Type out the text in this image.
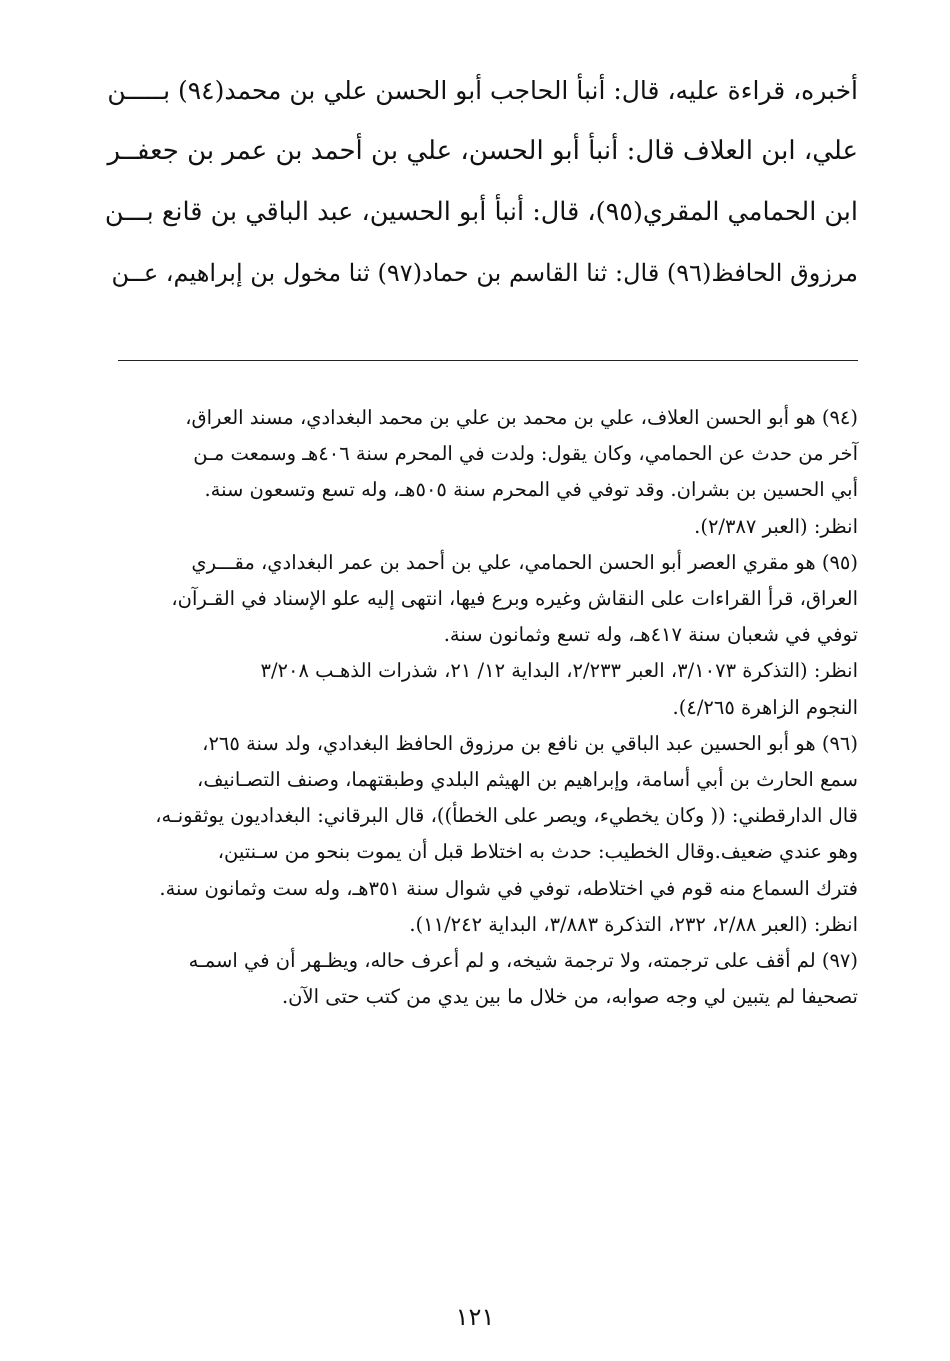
أخبره، قراءة عليه، قال: أنبأ الحاجب أبو الحسن علي بن محمد(٩٤) بـــــن
علي، ابن العلاف قال: أنبأ أبو الحسن، علي بن أحمد بن عمر بن جعفــر
ابن الحمامي المقري(٩٥)، قال: أنبأ أبو الحسين، عبد الباقي بن قانع بـــن
مرزوق الحافظ(٩٦) قال: ثنا القاسم بن حماد(٩٧) ثنا مخول بن إبراهيم، عــن
(٩٤) هو أبو الحسن العلاف، علي بن محمد بن علي بن محمد البغدادي، مسند العراق،
آخر من حدث عن الحمامي، وكان يقول: ولدت في المحرم سنة ٤٠٦هـ وسمعت مـن
أبي الحسين بن بشران. وقد توفي في المحرم سنة ٥٠٥هـ، وله تسع وتسعون سنة.
انظر: (العبر ٢/٣٨٧).
(٩٥) هو مقري العصر أبو الحسن الحمامي، علي بن أحمد بن عمر البغدادي، مقـــري
العراق، قرأ القراءات على النقاش وغيره وبرع فيها، انتهى إليه علو الإسناد في القـرآن،
توفي في شعبان سنة ٤١٧هـ، وله تسع وثمانون سنة.
انظر: (التذكرة ٣/١٠٧٣، العبر ٢/٢٣٣، البداية ١٢/ ٢١، شذرات الذهـب ٣/٢٠٨
النجوم الزاهرة ٤/٢٦٥).
(٩٦) هو أبو الحسين عبد الباقي بن نافع بن مرزوق الحافظ البغدادي، ولد سنة ٢٦٥،
سمع الحارث بن أبي أسامة، وإبراهيم بن الهيثم البلدي وطبقتهما، وصنف التصـانيف،
قال الدارقطني: (( وكان يخطيء، ويصر على الخطأ))، قال البرقاني: البغداديون يوثقونـه،
وهو عندي ضعيف.وقال الخطيب: حدث به اختلاط قبل أن يموت بنحو من سـنتين،
فترك السماع منه قوم في اختلاطه، توفي في شوال سنة ٣٥١هـ، وله ست وثمانون سنة.
انظر: (العبر ٢/٨٨، ٢٣٢، التذكرة ٣/٨٨٣، البداية ١١/٢٤٢).
(٩٧) لم أقف على ترجمته، ولا ترجمة شيخه، و لم أعرف حاله، ويظـهر أن في اسمـه
تصحيفا لم يتبين لي وجه صوابه، من خلال ما بين يدي من كتب حتى الآن.
١٢١
